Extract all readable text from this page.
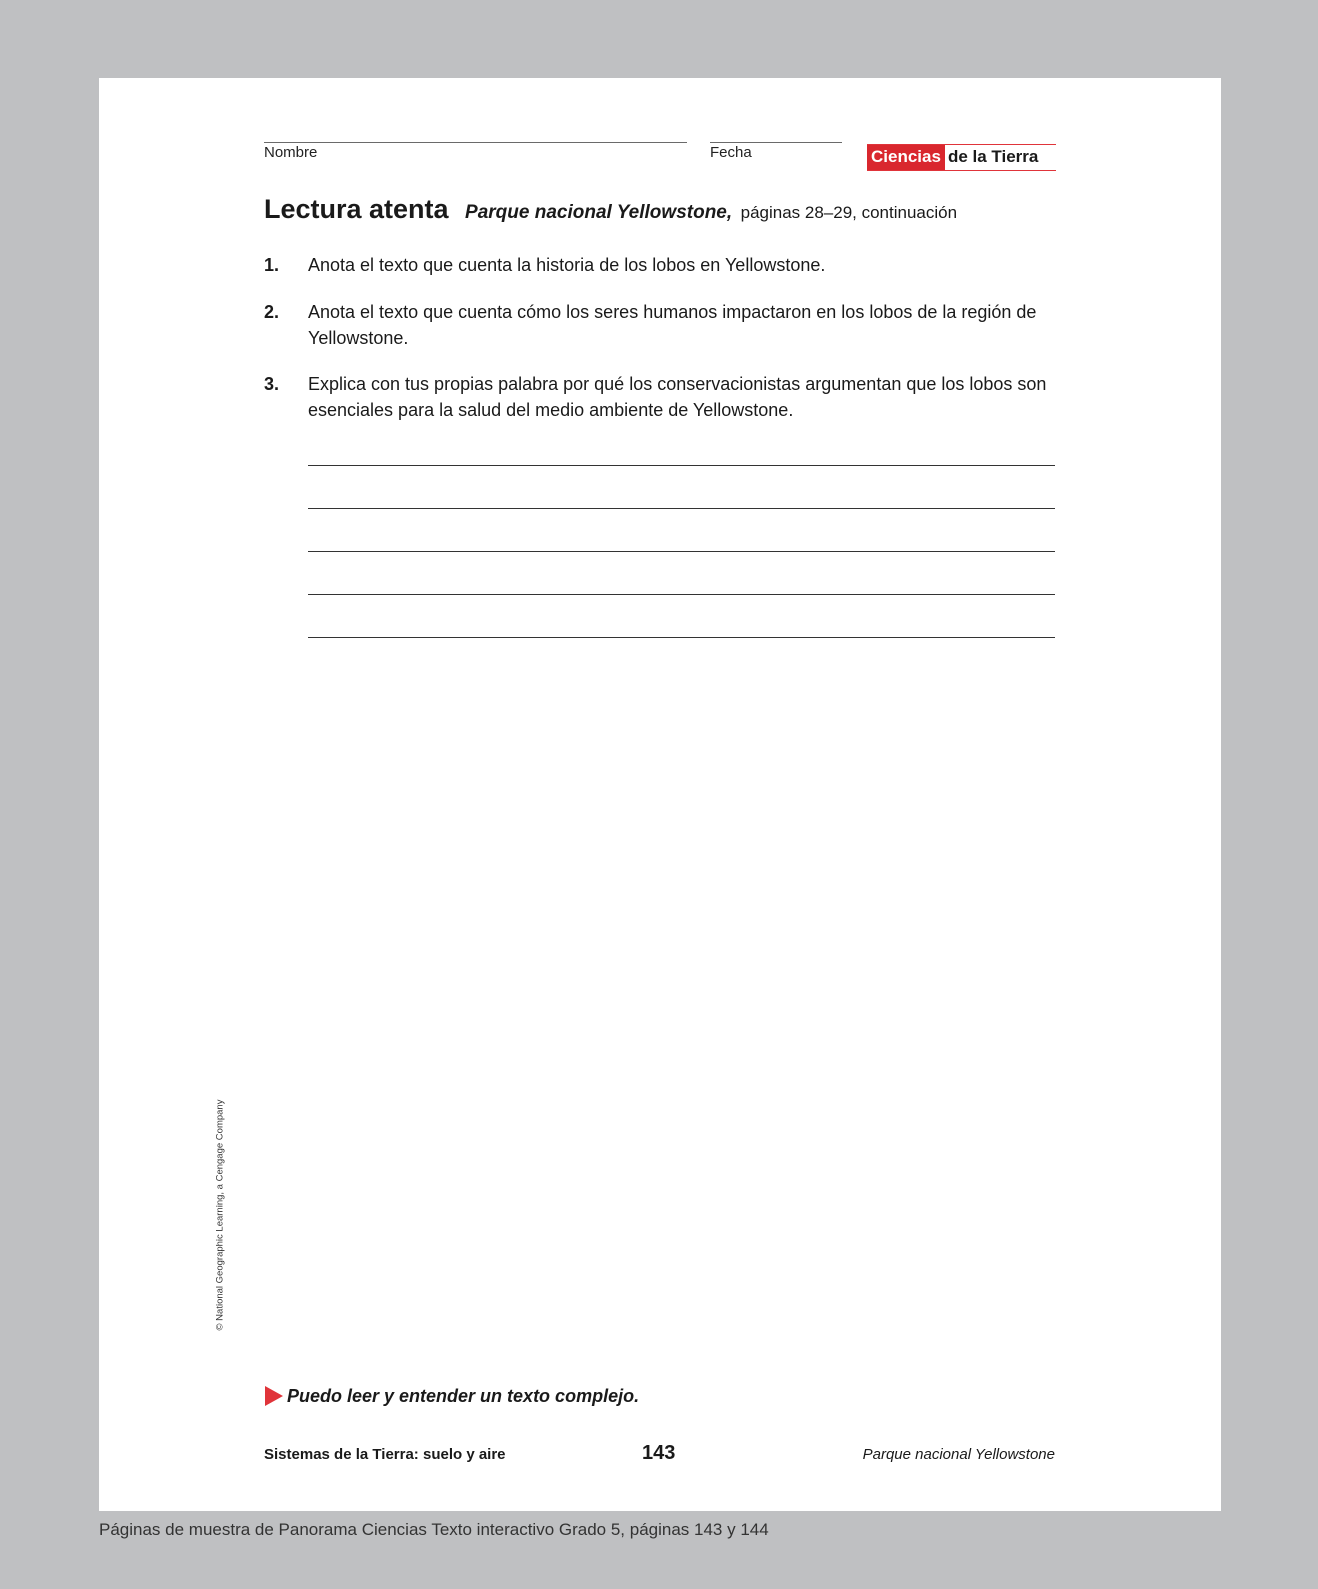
Nombre	Fecha	Ciencias de la Tierra
Lectura atenta Parque nacional Yellowstone, páginas 28–29, continuación
1. Anota el texto que cuenta la historia de los lobos en Yellowstone.
2. Anota el texto que cuenta cómo los seres humanos impactaron en los lobos de la región de Yellowstone.
3. Explica con tus propias palabra por qué los conservacionistas argumentan que los lobos son esenciales para la salud del medio ambiente de Yellowstone.
© National Geographic Learning, a Cengage Company
Puedo leer y entender un texto complejo.
Sistemas de la Tierra: suelo y aire	143	Parque nacional Yellowstone
Páginas de muestra de Panorama Ciencias Texto interactivo Grado 5, páginas 143 y 144
